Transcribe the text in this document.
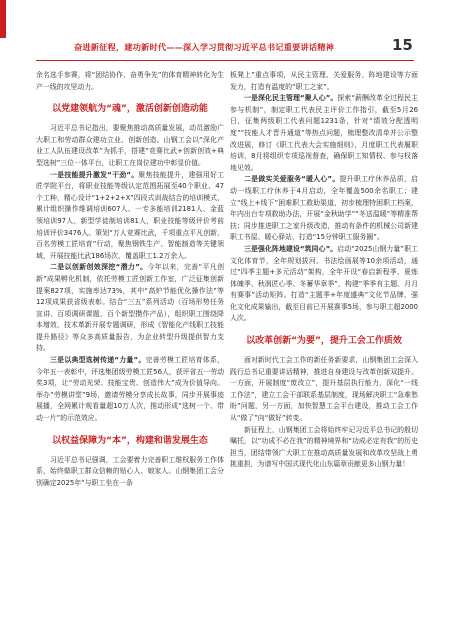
奋进新征程，建功新时代——深入学习贯彻习近平总书记重要讲话精神	15

余名选手参赛，将“团结协作、奋勇争先”的体育精神转化为生产一线的攻坚动力。

以党建领航为“魂”，激活创新创造动能

习近平总书记指出，要聚焦推动高质量发展，动员激励广大职工和劳动群众建功立业、创新创造。山钢工会以“深化产业工人队伍建设改革”为抓手，搭建“竞赛比武+创新创效+典型选树”三位一体平台，让职工在岗位建功中彰显价值。

一是技能提升激发“干劲”。聚焦技能提升，建强用好工匠学院平台，将职业技能等级认定范围拓展至40个职业、47个工种，精心设计“1+2+2+X”四段式训战结合的培训模式，累计组织操作维调培训607人、一专多能培训2181人、金蓝领培训97人、新型学徒制培训81人，职业技能等级评价考前培训评价3476人。策划“万人竞赛比武，千项重点平凡创新，百名劳模工匠培育”行动，聚焦钢铁生产、智能制造等关键领域，开展技能比武186场次，覆盖职工1.2万余人。

二是以创新创效深挖“潜力”。今年以来，完善“平凡创新”成果孵化机制，依托劳模工匠创新工作室，广泛征集创新提案827项，实施率达73%，其中“高炉节能优化操作法”等12项成果获省级表彰。结合“三五”系列活动（百场形势任务宣讲、百项调研课题、百个新型攒作产品），组织职工围绕降本增效、技术革新开展专题调研，形成《智能化产线职工技能提升路径》等众多高质量报告，为企业转型升级提供智力支持。

三是以典型选树传递“力量”。完善劳模工匠培育体系，今年五一表彰中，评选集团级劳模工匠56人，获评省五一劳动奖3项，让“劳动光荣、技能宝贵、创造伟大”成为价值导向。举办“劳模讲堂”9场，邀请劳模分享成长故事，同步开展事迹展播，全网累计观看量超10万人次，推动形成“选树一个、带动一片”的示范效应。

以权益保障为“本”，构建和谐发展生态

习近平总书记强调，工会要着力完善职工维权服务工作体系，始终做职工群众信赖的贴心人、娘家人。山钢集团工会分别确定2025年“与职工坐在一条

板凳上”重点事项，从民主管理、关爱服务、阵地建设等方面发力，打造有温度的“职工之家”。

一是深化民主管理“聚人心”。探索“薪酬改革全过程民主参与机制”，制定职工代表民主评价工作指引，截至5月26日，征集两级职工代表问题1231条，针对“绩效分配透明度”“技能人才晋升通道”等热点问题，梳理整改清单并公示整改进展，修订《职工代表大会实施细则》，月度职工代表履职培训，8月将组织专项巡视督查，确保职工知情权、参与权落地见效。

二是做实关爱服务“暖人心”。提升职工疗休养品质，启动一线职工疗休养于4月启动，全年覆盖500余名职工；建立“线上+线下”困难职工救助渠道，初步梳理特困职工档案，年内出台专项救助办法，开展“金秋助学”“冬送温暖”等精准帮扶；同步推进职工之家升级改造，推动有条件的机械公司新建职工书屋、暖心驿站，打造“15分钟职工服务圈”。

三是强化阵地建设“筑同心”。启动“2025山钢力量”职工文化体育节，全年规划拔河、书法绘画展等10余项活动，通过“四季主题+多元活动”架构，全年开设“春启新程季、夏炼体魄季、秋润匠心季、冬蓄华章季”，构建“季季有主题、月月有赛事”活动矩阵。打造“主题季+年度盛典”文化节品牌，强化文化成果输出，截至目前已开展赛事5场，参与职工超2000人次。

以改革创新“为要”，提升工会工作质效

面对新时代工会工作的新任务新要求，山钢集团工会深入践行总书记重要讲话精神，推进自身建设与改革创新双提升。一方面，开展制度“废改立”，提升基层执行能力，深化“一线工作法”，建立工会干部联系基层制度，现场解决职工“急难愁盼”问题，另一方面，加快智慧工会平台建设，推动工会工作从“做了”向“做好”转变。

新征程上，山钢集团工会将始终牢记习近平总书记的殷切嘱托，以“功成不必在我”的精神境界和“功成必定有我”的历史担当，团结带领广大职工在推动高质量发展和改革攻坚战上勇挑重担，为谱写中国式现代化山东篇章贡献更多山钢力量！
